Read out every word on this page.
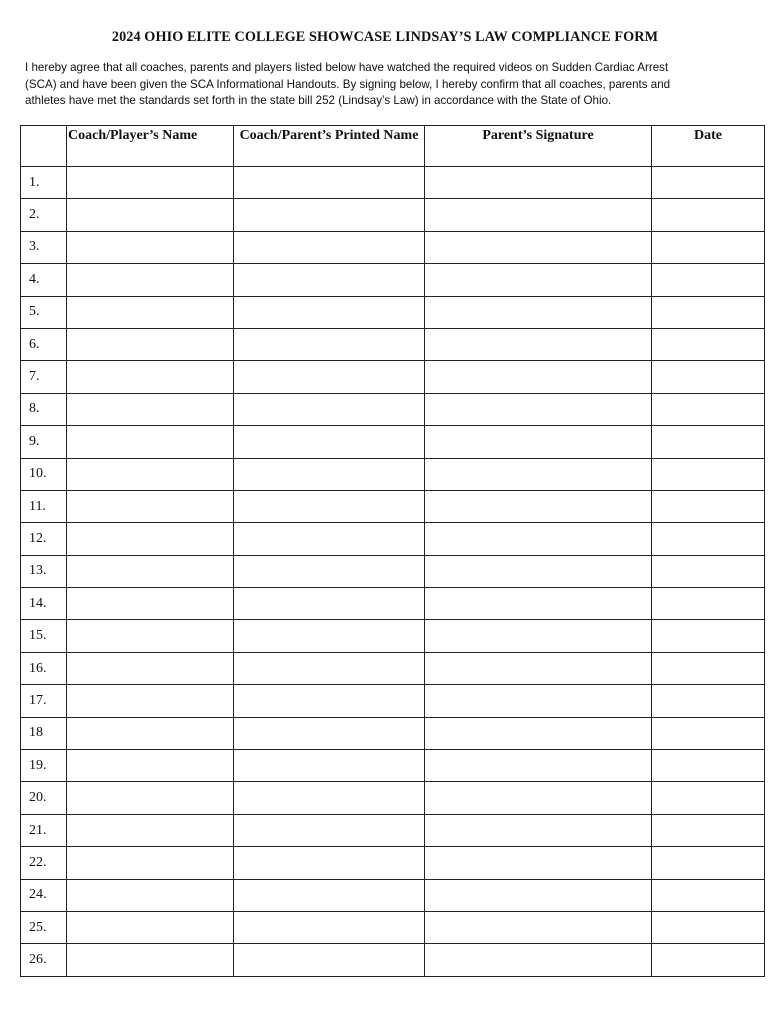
2024 OHIO ELITE COLLEGE SHOWCASE LINDSAY’S LAW COMPLIANCE FORM
I hereby agree that all coaches, parents and players listed below have watched the required videos on Sudden Cardiac Arrest
(SCA) and have been given the SCA Informational Handouts. By signing below, I hereby confirm that all coaches, parents and
athletes have met the standards set forth in the state bill 252 (Lindsay’s Law) in accordance with the State of Ohio.
	Coach/Player’s Name	Coach/Parent’s Printed Name	Parent’s Signature	Date
1.				
2.				
3.				
4.				
5.				
6.				
7.				
8.				
9.				
10.				
11.				
12.				
13.				
14.				
15.				
16.				
17.				
18				
19.				
20.				
21.				
22.				
24.				
25.				
26.				
